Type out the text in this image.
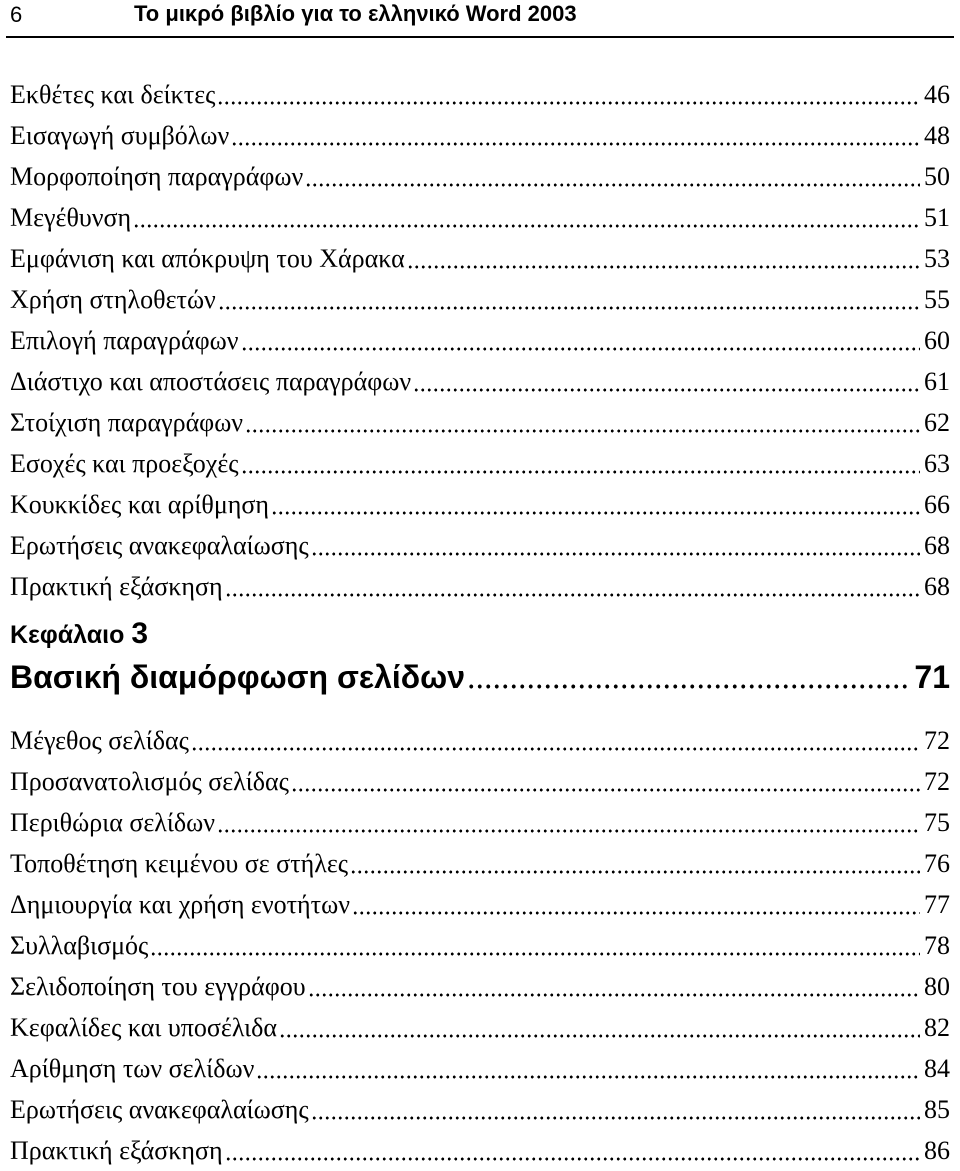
6	Το μικρό βιβλίο για το ελληνικό Word 2003
Εκθέτες και δείκτες	46
Εισαγωγή συμβόλων	48
Μορφοποίηση παραγράφων	50
Μεγέθυνση	51
Εμφάνιση και απόκρυψη του Χάρακα	53
Χρήση στηλοθετών	55
Επιλογή παραγράφων	60
Διάστιχο και αποστάσεις παραγράφων	61
Στοίχιση παραγράφων	62
Εσοχές και προεξοχές	63
Κουκκίδες και αρίθμηση	66
Ερωτήσεις ανακεφαλαίωσης	68
Πρακτική εξάσκηση	68
Κεφάλαιο 3
Βασική διαμόρφωση σελίδων	71
Μέγεθος σελίδας	72
Προσανατολισμός σελίδας	72
Περιθώρια σελίδων	75
Τοποθέτηση κειμένου σε στήλες	76
Δημιουργία και χρήση ενοτήτων	77
Συλλαβισμός	78
Σελιδοποίηση του εγγράφου	80
Κεφαλίδες και υποσέλιδα	82
Αρίθμηση των σελίδων	84
Ερωτήσεις ανακεφαλαίωσης	85
Πρακτική εξάσκηση	86
